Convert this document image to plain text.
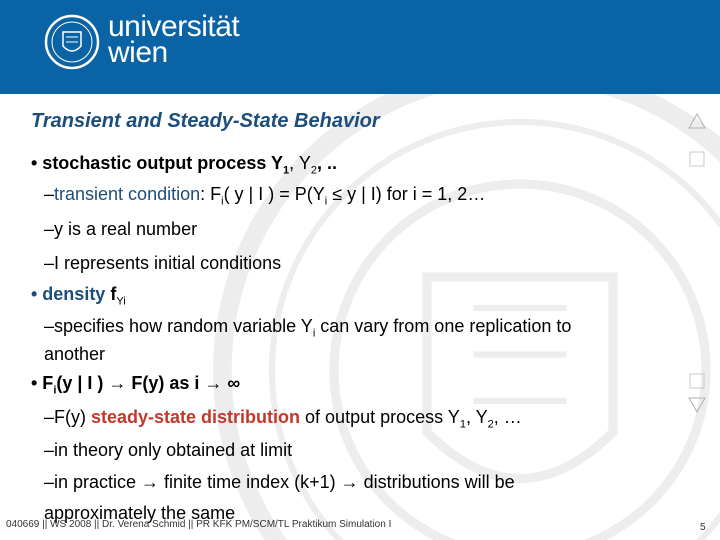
universität
wien
Transient and Steady-State Behavior
• stochastic output process $Y_1$, $Y_2$, ..
–transient condition: $F_i$( y | I ) = $P(Y_i \le y$ | I) for i = 1, 2…
–y is a real number
–I represents initial conditions
• density $f_{Yi}$
–specifies how random variable $Y_i$ can vary from one replication to
another
• $F_i(y$ | I ) → F(y) as i → ∞
–F(y) steady-state distribution of output process $Y_1$, $Y_2$, …
–in theory only obtained at limit
–in practice → finite time index (k+1) → distributions will be
approximately the same
040669 || WS 2008 || Dr. Verena Schmid || PR KFK PM/SCM/TL Praktikum Simulation I	5
